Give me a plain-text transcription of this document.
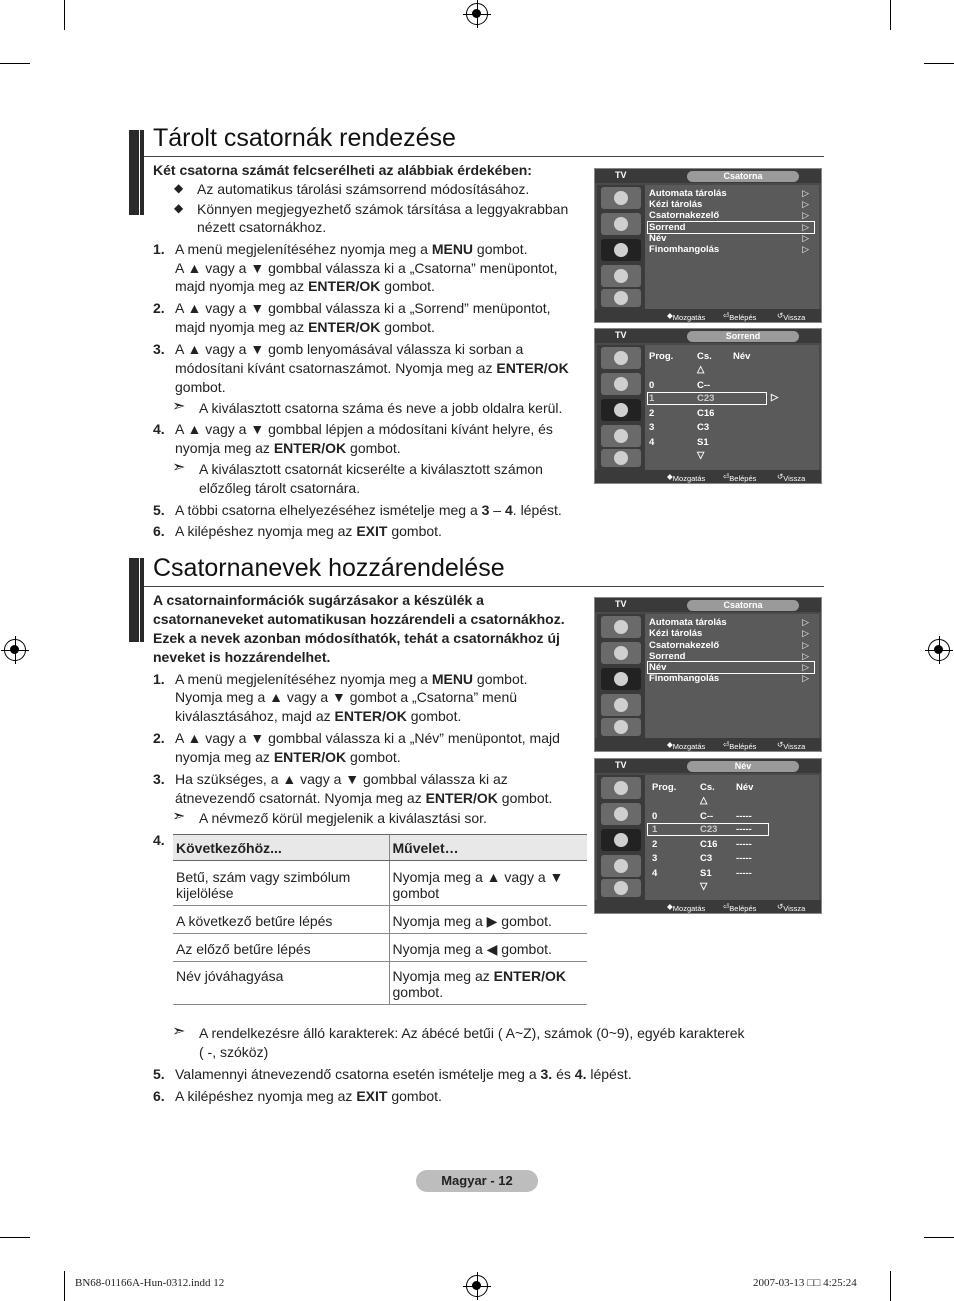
Tárolt csatornák rendezése
Két csatorna számát felcserélheti az alábbiak érdekében:
◆ Az automatikus tárolási számsorrend módosításához.
◆ Könnyen megjegyezhető számok társítása a leggyakrabban
nézett csatornákhoz.
1. A menü megjelenítéséhez nyomja meg a MENU gombot.
A ▲ vagy a ▼ gombbal válassza ki a „Csatorna” menüpontot,
majd nyomja meg az ENTER/OK gombot.
2. A ▲ vagy a ▼ gombbal válassza ki a „Sorrend” menüpontot,
majd nyomja meg az ENTER/OK gombot.
3. A ▲ vagy a ▼ gomb lenyomásával válassza ki sorban a
módosítani kívánt csatornaszámot. Nyomja meg az ENTER/OK
gombot.
➣ A kiválasztott csatorna száma és neve a jobb oldalra kerül.
4. A ▲ vagy a ▼ gombbal lépjen a módosítani kívánt helyre, és
nyomja meg az ENTER/OK gombot.
➣ A kiválasztott csatornát kicserélte a kiválasztott számon
előzőleg tárolt csatornára.
5. A többi csatorna elhelyezéséhez ismételje meg a 3 – 4. lépést.
6. A kilépéshez nyomja meg az EXIT gombot.
TV	Csatorna
Automata tárolás	▷
Kézi tárolás	▷
Csatornakezelő	▷
Sorrend	▷
Név	▷
Finomhangolás	▷
◆ Mozgatás ⏎ Belépés	↺ Vissza
TV	Sorrend
Prog. Cs. Név
△
0	C--
1	C23	▷
2	C16
3	C3
4	S1
▽
◆ Mozgatás ⏎ Belépés	↺ Vissza
Csatornanevek hozzárendelése
A csatornainformációk sugárzásakor a készülék a
csatorna​neveket automatikusan hozzárendeli a csatornákhoz.
Ezek a nevek azonban módosíthatók, tehát a csatornákhoz új
neveket is hozzárendelhet.
1. A menü megjelenítéséhez nyomja meg a MENU gombot.
Nyomja meg a ▲ vagy a ▼ gombot a „Csatorna” menü
kiválasztásához, majd az ENTER/OK gombot.
2. A ▲ vagy a ▼ gombbal válassza ki a „Név” menüpontot, majd
nyomja meg az ENTER/OK gombot.
3. Ha szükséges, a ▲ vagy a ▼ gombbal válassza ki az
átnevezendő csatornát. Nyomja meg az ENTER/OK gombot.
➣ A névmező körül megjelenik a kiválasztási sor.
4. Következőhöz...	Művelet…
Betű, szám vagy szimbólum kijelölése	Nyomja meg a ▲ vagy a ▼ gombot
A következő betűre lépés	Nyomja meg a ▶ gombot.
Az előző betűre lépés	Nyomja meg a ◀ gombot.
Név jóváhagyása	Nyomja meg az ENTER/OK gombot.
➣ A rendelkezésre álló karakterek: Az ábécé betűi ( A~Z), számok (0~9), egyéb karakterek
( -, szóköz)
5. Valamennyi átnevezendő csatorna esetén ismételje meg a 3. és 4. lépést.
6. A kilépéshez nyomja meg az EXIT gombot.
TV	Csatorna
Automata tárolás	▷
Kézi tárolás	▷
Csatornakezelő	▷
Sorrend	▷
Név	▷
Finomhangolás	▷
◆ Mozgatás ⏎ Belépés	↺ Vissza
TV	Név
Prog. Cs. Név
△
0	C-- -----
1	C23 -----
2	C16 -----
3	C3	-----
4	S1	-----
▽
◆ Mozgatás ⏎ Belépés	↺ Vissza
Magyar - 12
BN68-01166A-Hun-0312.indd 12	2007-03-13 □□ 4:25:24
